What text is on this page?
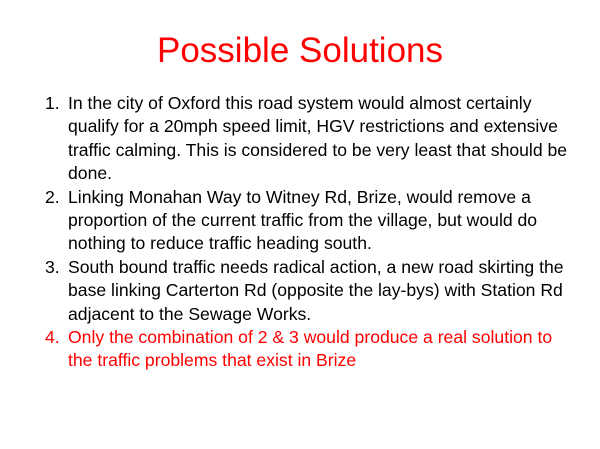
Possible Solutions
1. In the city of Oxford this road system would almost certainly qualify for a 20mph speed limit, HGV restrictions and extensive traffic calming. This is considered to be very least that should be done.
2. Linking Monahan Way to Witney Rd, Brize, would remove a proportion of the current traffic from the village, but would do nothing to reduce traffic heading south.
3. South bound traffic needs radical action, a new road skirting the base linking Carterton Rd (opposite the lay-bys) with Station Rd adjacent to the Sewage Works.
4. Only the combination of 2 & 3 would produce a real solution to the traffic problems that exist in Brize
